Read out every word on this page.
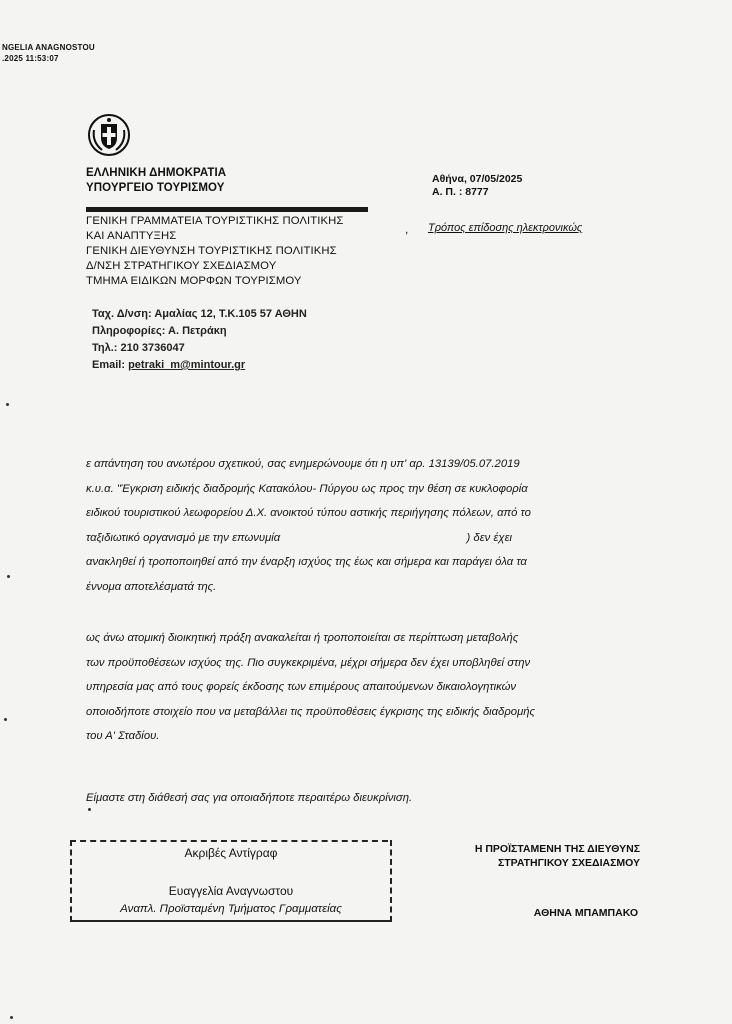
NGELIA ANAGNOSTOU
.2025 11:53:07
ΕΛΛΗΝΙΚΗ ΔΗΜΟΚΡΑΤΙΑ
ΥΠΟΥΡΓΕΙΟ ΤΟΥΡΙΣΜΟΥ
ΓΕΝΙΚΗ ΓΡΑΜΜΑΤΕΙΑ ΤΟΥΡΙΣΤΙΚΗΣ ΠΟΛΙΤΙΚΗΣ
ΚΑΙ ΑΝΑΠΤΥΞΗΣ
ΓΕΝΙΚΗ ΔΙΕΥΘΥΝΣΗ ΤΟΥΡΙΣΤΙΚΗΣ ΠΟΛΙΤΙΚΗΣ
Δ/ΝΣΗ ΣΤΡΑΤΗΓΙΚΟΥ ΣΧΕΔΙΑΣΜΟΥ
ΤΜΗΜΑ ΕΙΔΙΚΩΝ ΜΟΡΦΩΝ ΤΟΥΡΙΣΜΟΥ
Ταχ. Δ/νση: Αμαλίας 12, Τ.Κ.105 57 ΑΘΗΝ
Πληροφορίες: Α. Πετράκη
Τηλ.: 210 3736047
Email: petraki_m@mintour.gr
Αθήνα, 07/05/2025
Α. Π. : 8777
Τρόπος επίδοσης ηλεκτρονικώς
,
ε απάντηση του ανωτέρου σχετικού, σας ενημερώνουμε ότι η υπ' αρ. 13139/05.07.2019
κ.υ.α. "Έγκριση ειδικής διαδρομής Κατακόλου- Πύργου ως προς την θέση σε κυκλοφορία
ειδικού τουριστικού λεωφορείου Δ.Χ. ανοικτού τύπου αστικής περιήγησης πόλεων, από το
ταξιδιωτικό οργανισμό με την επωνυμία	) δεν έχει
ανακληθεί ή τροποποιηθεί από την έναρξη ισχύος της έως και σήμερα και παράγει όλα τα
έννομα αποτελέσματά της.
ως άνω ατομική διοικητική πράξη ανακαλείται ή τροποποιείται σε περίπτωση μεταβολής
των προϋποθέσεων ισχύος της. Πιο συγκεκριμένα, μέχρι σήμερα δεν έχει υποβληθεί στην
υπηρεσία μας από τους φορείς έκδοσης των επιμέρους απαιτούμενων δικαιολογητικών
οποιοδήποτε στοιχείο που να μεταβάλλει τις προϋποθέσεις έγκρισης της ειδικής διαδρομής
του Α' Σταδίου.
Είμαστε στη διάθεσή σας για οποιαδήποτε περαιτέρω διευκρίνιση.
Ακριβές Αντίγραφ
Ευαγγελία Αναγνωστου
Αναπλ. Προϊσταμένη Τμήματος Γραμματείας
Η ΠΡΟΪΣΤΑΜΕΝΗ ΤΗΣ ΔΙΕΥΘΥΝΣ
ΣΤΡΑΤΗΓΙΚΟΥ ΣΧΕΔΙΑΣΜΟΥ
ΑΘΗΝΑ ΜΠΑΜΠΑΚΟ
